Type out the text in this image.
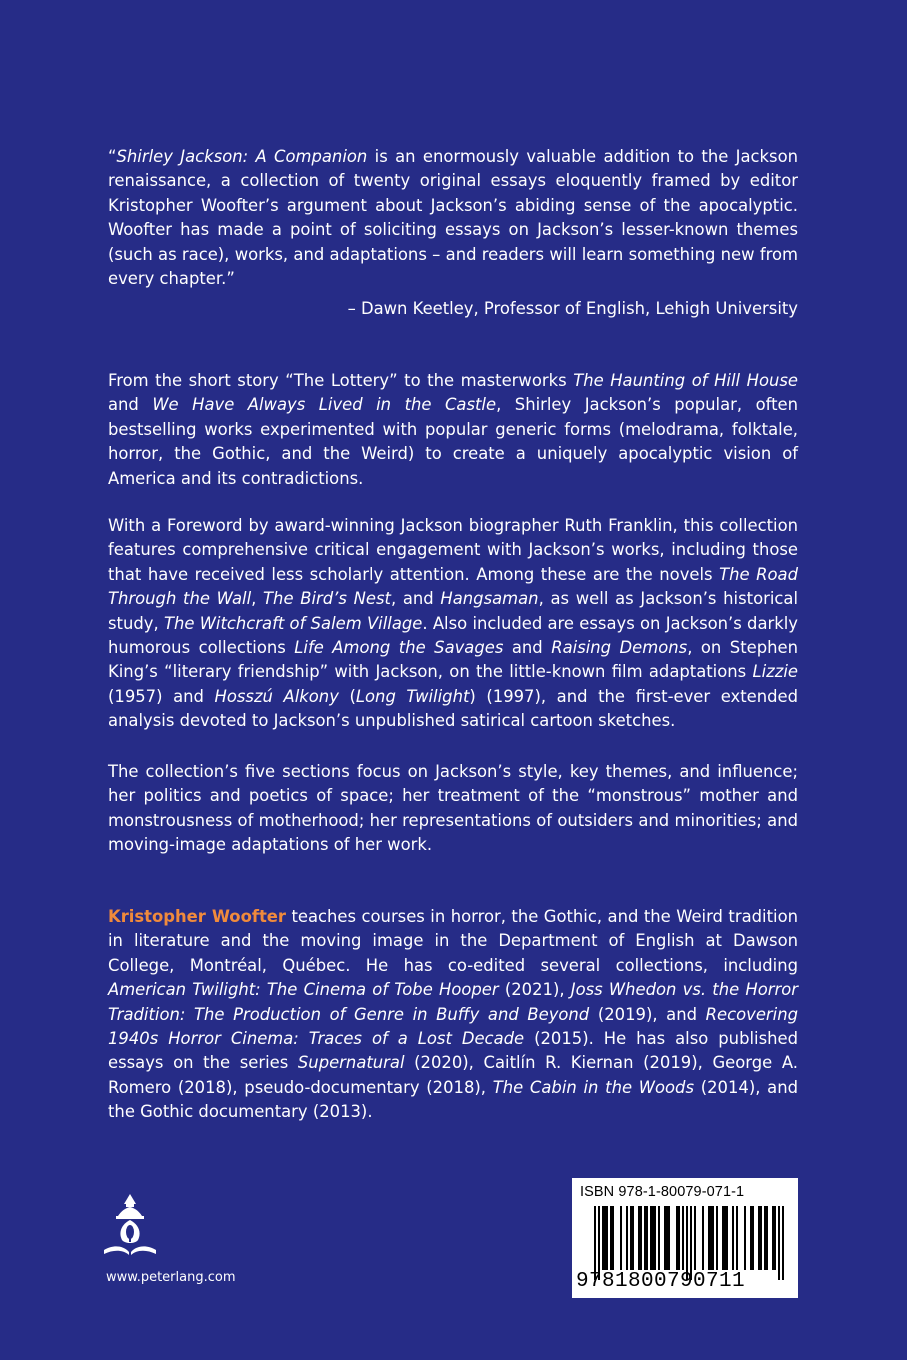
“Shirley Jackson: A Companion is an enormously valuable addition to the Jackson renaissance, a collection of twenty original essays eloquently framed by editor Kristopher Woofter’s argument about Jackson’s abiding sense of the apocalyptic. Woofter has made a point of soliciting essays on Jackson’s lesser-known themes (such as race), works, and adaptations – and readers will learn something new from every chapter.”

– Dawn Keetley, Professor of English, Lehigh University

From the short story “The Lottery” to the masterworks The Haunting of Hill House and We Have Always Lived in the Castle, Shirley Jackson’s popular, often bestselling works experimented with popular generic forms (melodrama, folktale, horror, the Gothic, and the Weird) to create a uniquely apocalyptic vision of America and its contradictions.

With a Foreword by award-winning Jackson biographer Ruth Franklin, this collection features comprehensive critical engagement with Jackson’s works, including those that have received less scholarly attention. Among these are the novels The Road Through the Wall, The Bird’s Nest, and Hangsaman, as well as Jackson’s historical study, The Witchcraft of Salem Village. Also included are essays on Jackson’s darkly humorous collections Life Among the Savages and Raising Demons, on Stephen King’s “literary friendship” with Jackson, on the little-known film adaptations Lizzie (1957) and Hosszú Alkony (Long Twilight) (1997), and the first-ever extended analysis devoted to Jackson’s unpublished satirical cartoon sketches.

The collection’s five sections focus on Jackson’s style, key themes, and influence; her politics and poetics of space; her treatment of the “monstrous” mother and monstrousness of motherhood; her representations of outsiders and minorities; and moving-image adaptations of her work.

Kristopher Woofter teaches courses in horror, the Gothic, and the Weird tradition in literature and the moving image in the Department of English at Dawson College, Montréal, Québec. He has co-edited several collections, including American Twilight: The Cinema of Tobe Hooper (2021), Joss Whedon vs. the Horror Tradition: The Production of Genre in Buffy and Beyond (2019), and Recovering 1940s Horror Cinema: Traces of a Lost Decade (2015). He has also published essays on the series Supernatural (2020), Caitlín R. Kiernan (2019), George A. Romero (2018), pseudo-documentary (2018), The Cabin in the Woods (2014), and the Gothic documentary (2013).

www.peterlang.com
ISBN 978-1-80079-071-1
9781800790711
